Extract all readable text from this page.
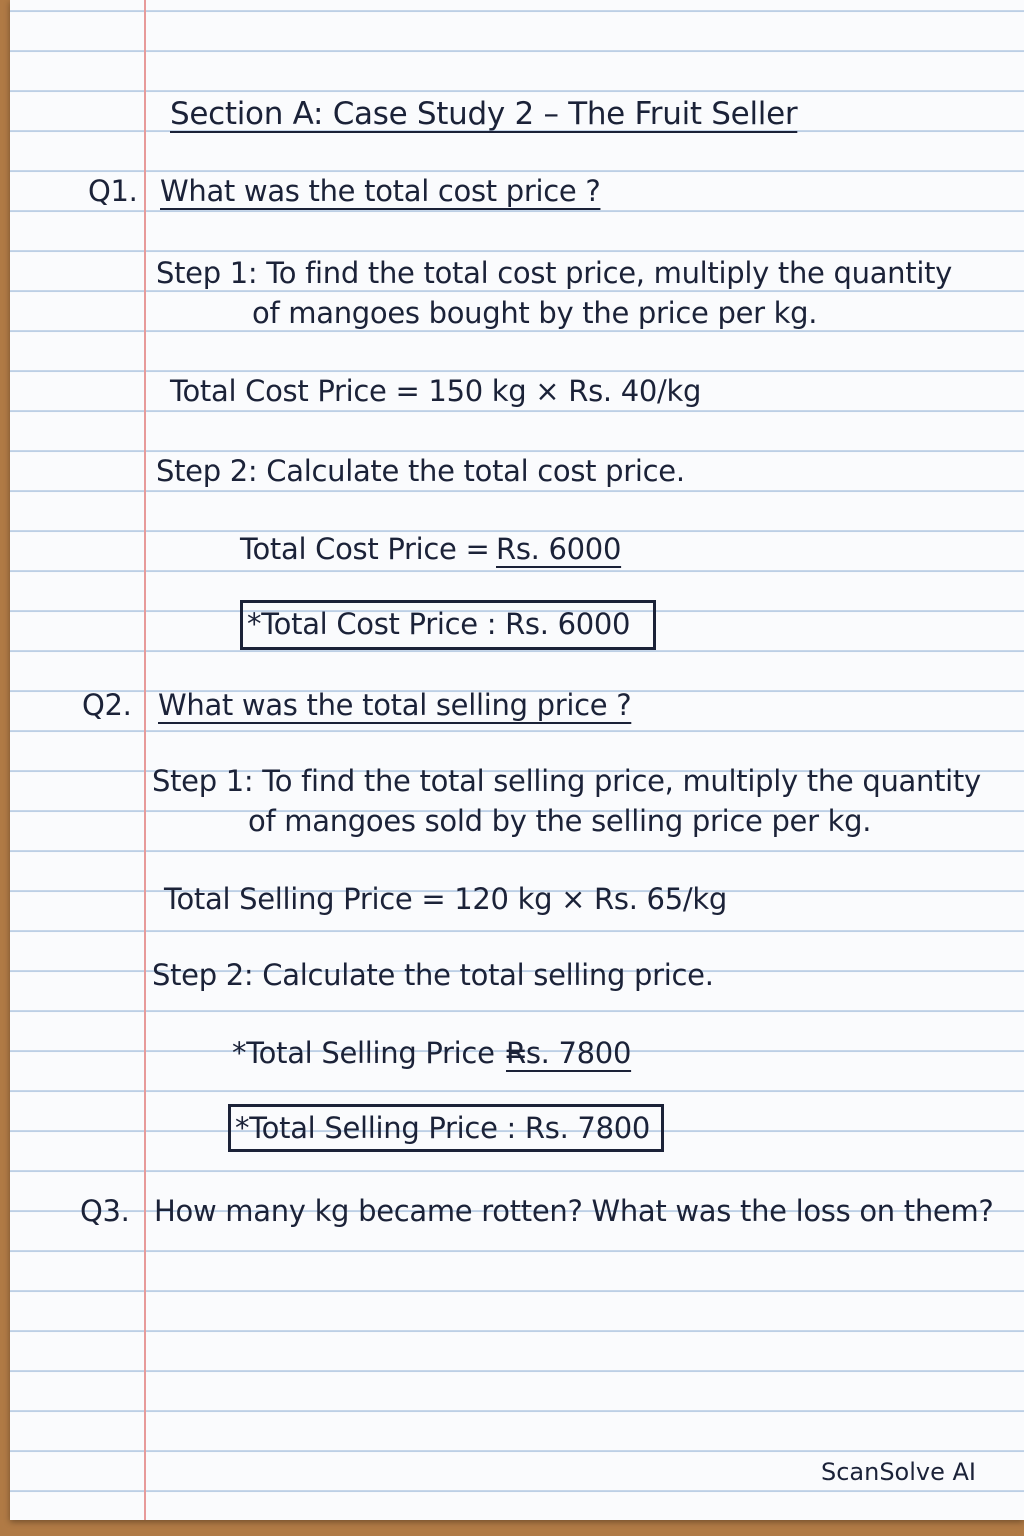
Section A: Case Study 2 – The Fruit Seller
Q1. What was the total cost price ?
Step 1: To find the total cost price, multiply the quantity
of mangoes bought by the price per kg.
Total Cost Price = 150 kg × Rs. 40/kg
Step 2: Calculate the total cost price.
Total Cost Price = Rs. 6000
*Total Cost Price : Rs. 6000
Q2. What was the total selling price ?
Step 1: To find the total selling price, multiply the quantity
of mangoes sold by the selling price per kg.
Total Selling Price = 120 kg × Rs. 65/kg
Step 2: Calculate the total selling price.
*Total Selling Price =
Rs. 7800
*Total Selling Price : Rs. 7800
Q3. How many kg became rotten? What was the loss on them?
ScanSolve AI
